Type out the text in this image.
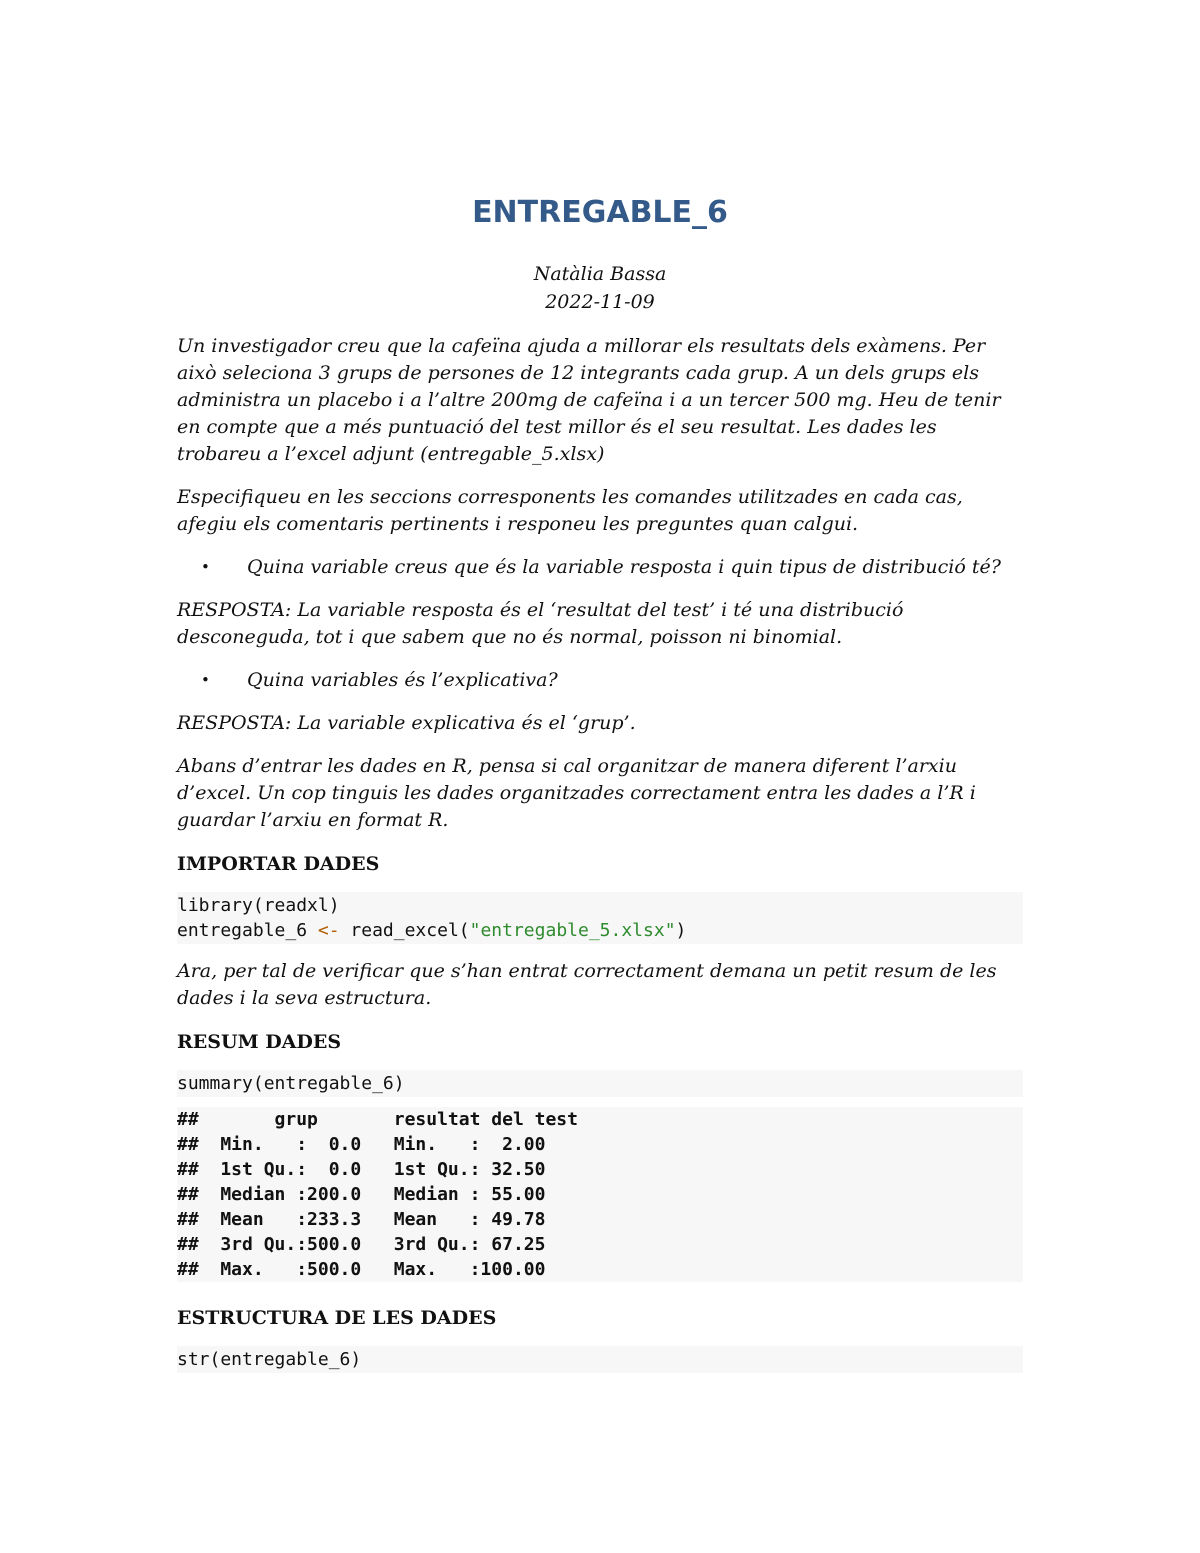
ENTREGABLE_6

Natàlia Bassa

2022-11-09

Un investigador creu que la cafeïna ajuda a millorar els resultats dels exàmens. Per això seleciona 3 grups de persones de 12 integrants cada grup. A un dels grups els administra un placebo i a l’altre 200mg de cafeïna i a un tercer 500 mg. Heu de tenir en compte que a més puntuació del test millor és el seu resultat. Les dades les trobareu a l’excel adjunt (entregable_5.xlsx)

Especifiqueu en les seccions corresponents les comandes utilitzades en cada cas, afegiu els comentaris pertinents i responeu les preguntes quan calgui.

• Quina variable creus que és la variable resposta i quin tipus de distribució té?

RESPOSTA: La variable resposta és el ‘resultat del test’ i té una distribució desconeguda, tot i que sabem que no és normal, poisson ni binomial.

• Quina variables és l’explicativa?

RESPOSTA: La variable explicativa és el ‘grup’.

Abans d’entrar les dades en R, pensa si cal organitzar de manera diferent l’arxiu d’excel. Un cop tinguis les dades organitzades correctament entra les dades a l’R i guardar l’arxiu en format R.

IMPORTAR DADES
library(readxl)
entregable_6 <- read_excel("entregable_5.xlsx")

Ara, per tal de verificar que s’han entrat correctament demana un petit resum de les dades i la seva estructura.

RESUM DADES
summary(entregable_6)
##       grup       resultat del test
##  Min.   :  0.0   Min.   :  2.00
##  1st Qu.:  0.0   1st Qu.: 32.50
##  Median :200.0   Median : 55.00
##  Mean   :233.3   Mean   : 49.78
##  3rd Qu.:500.0   3rd Qu.: 67.25
##  Max.   :500.0   Max.   :100.00
ESTRUCTURA DE LES DADES
str(entregable_6)
